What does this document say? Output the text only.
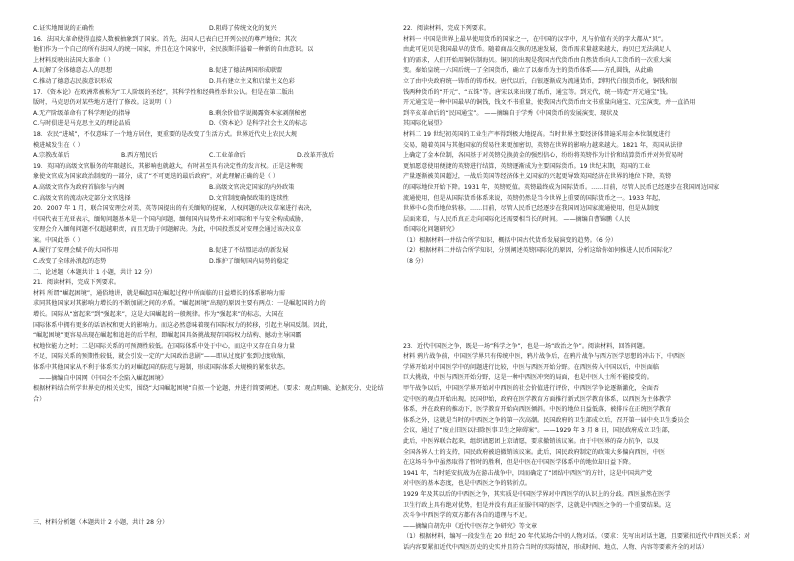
C.证实地图说的正确性	D.阻碍了传统文化的复兴
16．法国大革命使得直接人数被抽象到了国家。首先，法国人已表白已开列公民的尊严地位；其次
他们作为一个自己的所有法国人的统一国家，并且在这个国家中，全民族斯洋溢着一种新的自由意识。以
上材料反映出法国大革命（ ）
A.瓦解了全体德意志人的思想	B.促进了德法两国形成联盟
C.推动了德意志民族意识形成	D.具有建立主义和启蒙主义色彩
17．《资本论》在欧洲常被称为“工人阶级的圣经”，其科学性和经典性举世公认。但是在第二版出
版时，马克思仍对某些地方进行了修改。这说明（ ）
A.无产阶级革命有了科学理论的指导	B.剩余价值学说揭露资本家剥削秘密
C.与时俱进是马克思主义的理论品质	D.《资本论》是科学社会主义的标志
18．农民“进城”，不仅意味了一个地方居住，更重要的是改变了生活方式。世界近代史上农民大规
模进城发生在（ ）
A.宗教改革后	B.西方殖民后	C.工业革命后	D.改革开放后
19．英国的高级文官服务的年限越长，其影响也就越大，有时甚至具有决定性的发言权。正是这种现
象使文官成为国家政治制度的一部分，成了“不可更迭的最后政府”，对此理解正确的是（ ）
A.高级文官作为政府首脑参与内阁	B.高级文官决定国家的内外政策
C.高级文官的流动决定部分文官选择	D.文官制度确保政策的连续性
20．2007 年 1 月，联合国安理会对美、英等国提出的有关缅甸的提案，人权问题的决议草案进行表决，
中国代表王光亚表示，缅甸问题基本是一个国内问题，缅甸国内局势并未对国际和平与安全构成威胁，
安理会介入缅甸问题不仅超越职责，而且无助于问题解决。为此，中国投票反对安理会通过该决议草
案。中国此举（ ）
A.履行了安理会赋予的大国作用	B.促进了不结盟运动的新发展
C.改变了全球孙浪起的态势	D.维护了缅甸国内局势的稳定
二、论述题（本题共计 1 小题，共计 12 分）
21．阅读材料，完成下列要求。
材料 所谓“崛起困境”，通俗地讲，就是崛起国在崛起过程中所面临的日益增长的体系影响力需
求同其他国家对其影响力增长的不断加剧之间的矛盾。“崛起困境”出现的原因主要有两点：一是崛起国的力的
增长。国际从“富起来”到“强起来”，这是大国崛起的一般规律。作为“强起来”的标志，大国在
国际体系中拥有更多的话语权和更大的影响力。而这必然意味着现有国际权力的转移，引起主导国反制。因此，
“崛起困境”更容易出现在崛起和追赶的后半程，即崛起国具备挑战现存国际权力结构、撼动主导国霸
权地位能力之时；二是国际关系的可预测性较低。在国际体系中处于中心，而这中又存在自身力量
不足，国际关系的预期性较低，就会引发一定的“大国政治悲剧”——即从过度扩张到过度收缩，
体系中其他国家从不利于体系实力的对崛起国的防范与遏制，形成国际体系大规模的紧张状态。
——摘编自中国网《中国会不会陷入崛起困境》
根据材料结合所学世界史的相关史实，围绕“大国崛起困境”自拟一个论题，并进行简要阐述。（要求：观点明确、论据充分、史论结合）
三、材料分析题（本题共计 2 小题，共计 28 分）
22．阅读材料，完成下列要求。
材料一 中国是世界上最早使用货币的国家之一，在中国的汉字中，凡与价值有关的字大都从“贝”。
由此可见贝是我国最早的货币。随着商品交换的迅速发展，货币需求量越来越大，海贝已无法满足人
们的需求，人们开始用铜仿制海贝。铜贝的出现是我国古代货币由自然货币向人工货币的一次重大演
变。秦始皇统一六国后统一了全国货币，确立了以秦币为主的货币体系——方孔圆钱，从此确
立了由中央政府统一铸币的铸币权。唐代以后，白银逐渐成为流通货币，到明代白银货币化，铜钱和银
钱两种货币的“开元”、“五铢”等。唐宋以来出现了纸币，通宝等。到元代，统一铸造“开元通宝”钱。
开元通宝是一种中国最早的铜钱，钱文不书重量，使我国古代货币由文书重量向通宝、元宝演变，并一直沿用
到辛亥革命后的“民国通宝”。 ——摘编自于学秀《中国货币的发展演变、现状及
其国际化展望》
材料二 19 世纪初英国的工业生产率得到极大地提高。当时世界主要经济体普遍采用金本位制度进行
交易，随着英国与其他国家的贸易往来更加密切，英镑在世界的影响力越来越大。1821 年，英国从法律
上确定了金本位制，各国基于对英镑兑换黄金的强烈信心，纷纷将英镑作为计价和结算货币并对外贸易时
更加愿意使用便捷的英镑进行结算，英镑逐渐成为主要国际货币。19 世纪末期，英国的工业
产量逐渐被美国超过，一战后美国等经济体主义国家的兴起更导致英国经济在世界的地位下降，英镑
的国际地位开始下降。1931 年，英镑贬值。英镑最终成为国际货币。……目前，尽管人民币已经逐步在我国周边国家
流通使用，但是从国际货币体系来说，英镑仍然是当今世界上重要的国际货币之一。1933 年起，
世界中心货币地位转移。……目前，尽管人民币已经逐步在我国周边国家流通使用，但是从制度
层面来看，与人民币真正走向国际化还需要相当长的时间。 ——摘编自曹锦鹏《人民
币国际化问题研究》
（1）根据材料一并结合所学知识，概括中国古代货币发展演变的趋势。（6 分）
（2）根据材料二并结合所学知识，分别阐述英镑国际化的原因，分析这给你如何推进人民币国际化？
（8 分）
23．近代中国医之争，既是一场“科学之争”，也是一场“政治之争”。阅读材料，回答问题。
材料 鸦片战争前，中国医学界只有传统中医，鸦片战争后，在鸦片战争与西方医学思想的冲击下，中西医
学界开始对中国医学中的问题进行比较，中医与西医开始分野。在西医传入中国以后，中医面临
巨大挑战，中医与西医开始分野，这是一种中西医冲突的局面，也是中医人士所不能接受的。
甲午战争以后，中国医学界开始对中西医的社会价值进行评价，中西医学争论逐渐激化，全面否
定中医的观点开始出现。民国伊始，政府在医学教育方面推行新式医学教育体系，以西医为主体教学
体系，并在政府的推动下，医学教育开始向西医倾斜。中医的地位日益低落，被排斥在正统医学教育
体系之外，这就是当时的中西医之争的第一次高潮。民国政府的卫生部成立后，召开第一届中央卫生委员会
会议，通过了“废止旧医以扫除医事卫生之障碍案”。——1929 年 3 月 8 日，国民政府成立卫生部，
此后，中医界联合起来，组织请愿团上京请愿，要求撤销该议案。由于中医界的奋力抗争，以及
全国各界人士的支持，国民政府被迫撤销该议案。此后，国民政府制定的政策大多偏向西医，中医
在这场斗争中虽然取得了暂时的胜利，但是中医在中国医学体系中的地位却日益下降。
1941 年，当时延安抗战为在游击战争中，因而确定了“团结中西医”的方针，这是中国共产党
对中医的基本态度，也是中西医之争的转折点。
1929 年及其以后的中西医之争，其实质是中国医学界对中西医学的认识上的分歧。西医虽然在医学
卫生行政上具有绝对优势，但是并没有真正征服中国的医学，这就是中西医之争的一个重要结果。这
次斗争中西医学的双方都有各自的道理与不足。
——摘编自胡先申《近代中医存之争研究》等文章
（1）根据材料，编写一段发生在 20 世纪 20 年代某场合中的人物对话。（要求：先写出对话主题，且要紧扣近代中西医关系；对话内容要紧扣近代中西医历史的史实并且符合当时的实际情况，形成时间、地点、人物、内容等要素齐全的对话）
